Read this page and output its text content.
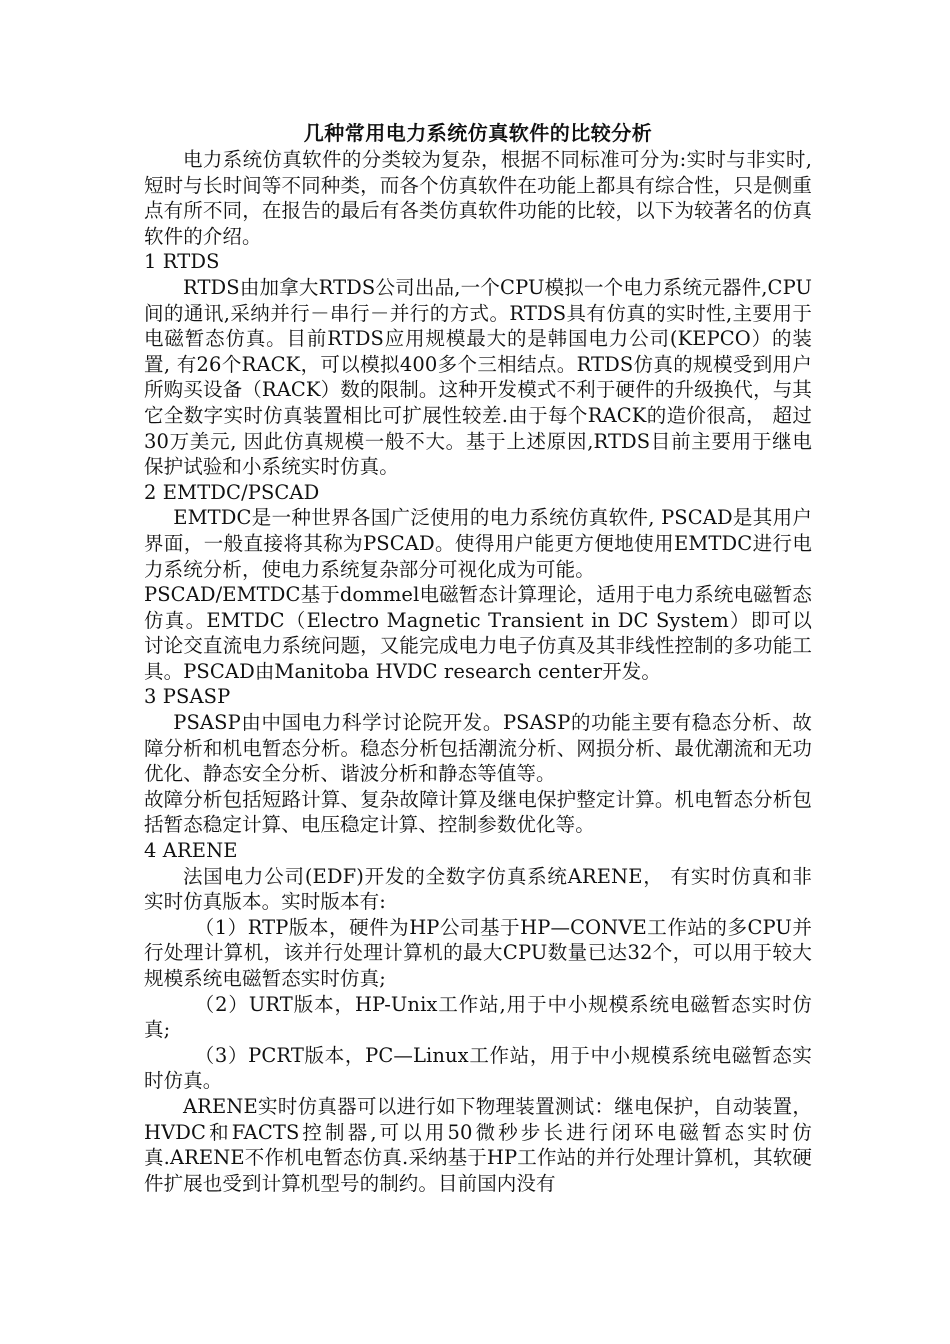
几种常用电力系统仿真软件的比较分析

电力系统仿真软件的分类较为复杂，根据不同标准可分为:实时与非实时,短时与长时间等不同种类，而各个仿真软件在功能上都具有综合性，只是侧重点有所不同，在报告的最后有各类仿真软件功能的比较，以下为较著名的仿真软件的介绍。

1 RTDS

RTDS由加拿大RTDS公司出品,一个CPU模拟一个电力系统元器件,CPU间的通讯,采纳并行－串行－并行的方式。RTDS具有仿真的实时性,主要用于电磁暂态仿真。目前RTDS应用规模最大的是韩国电力公司(KEPCO）的装置, 有26个RACK，可以模拟400多个三相结点。RTDS仿真的规模受到用户所购买设备（RACK）数的限制。这种开发模式不利于硬件的升级换代，与其它全数字实时仿真装置相比可扩展性较差.由于每个RACK的造价很高， 超过30万美元, 因此仿真规模一般不大。基于上述原因,RTDS目前主要用于继电保护试验和小系统实时仿真。

2 EMTDC/PSCAD

EMTDC是一种世界各国广泛使用的电力系统仿真软件, PSCAD是其用户界面，一般直接将其称为PSCAD。使得用户能更方便地使用EMTDC进行电力系统分析，使电力系统复杂部分可视化成为可能。

PSCAD/EMTDC基于dommel电磁暂态计算理论，适用于电力系统电磁暂态仿真。EMTDC（Electro Magnetic Transient in DC System）即可以讨论交直流电力系统问题，又能完成电力电子仿真及其非线性控制的多功能工具。PSCAD由Manitoba HVDC research center开发。

3 PSASP

PSASP由中国电力科学讨论院开发。PSASP的功能主要有稳态分析、故障分析和机电暂态分析。稳态分析包括潮流分析、网损分析、最优潮流和无功优化、静态安全分析、谐波分析和静态等值等。

故障分析包括短路计算、复杂故障计算及继电保护整定计算。机电暂态分析包括暂态稳定计算、电压稳定计算、控制参数优化等。

4 ARENE

法国电力公司(EDF)开发的全数字仿真系统ARENE， 有实时仿真和非实时仿真版本。实时版本有:

（1）RTP版本，硬件为HP公司基于HP—CONVE工作站的多CPU并行处理计算机，该并行处理计算机的最大CPU数量已达32个，可以用于较大规模系统电磁暂态实时仿真;

（2）URT版本，HP-Unix工作站,用于中小规模系统电磁暂态实时仿真;

（3）PCRT版本，PC—Linux工作站，用于中小规模系统电磁暂态实时仿真。

ARENE实时仿真器可以进行如下物理装置测试：继电保护，自动装置，HVDC和FACTS控制器,可以用50微秒步长进行闭环电磁暂态实时仿真.ARENE不作机电暂态仿真.采纳基于HP工作站的并行处理计算机，其软硬件扩展也受到计算机型号的制约。目前国内没有
